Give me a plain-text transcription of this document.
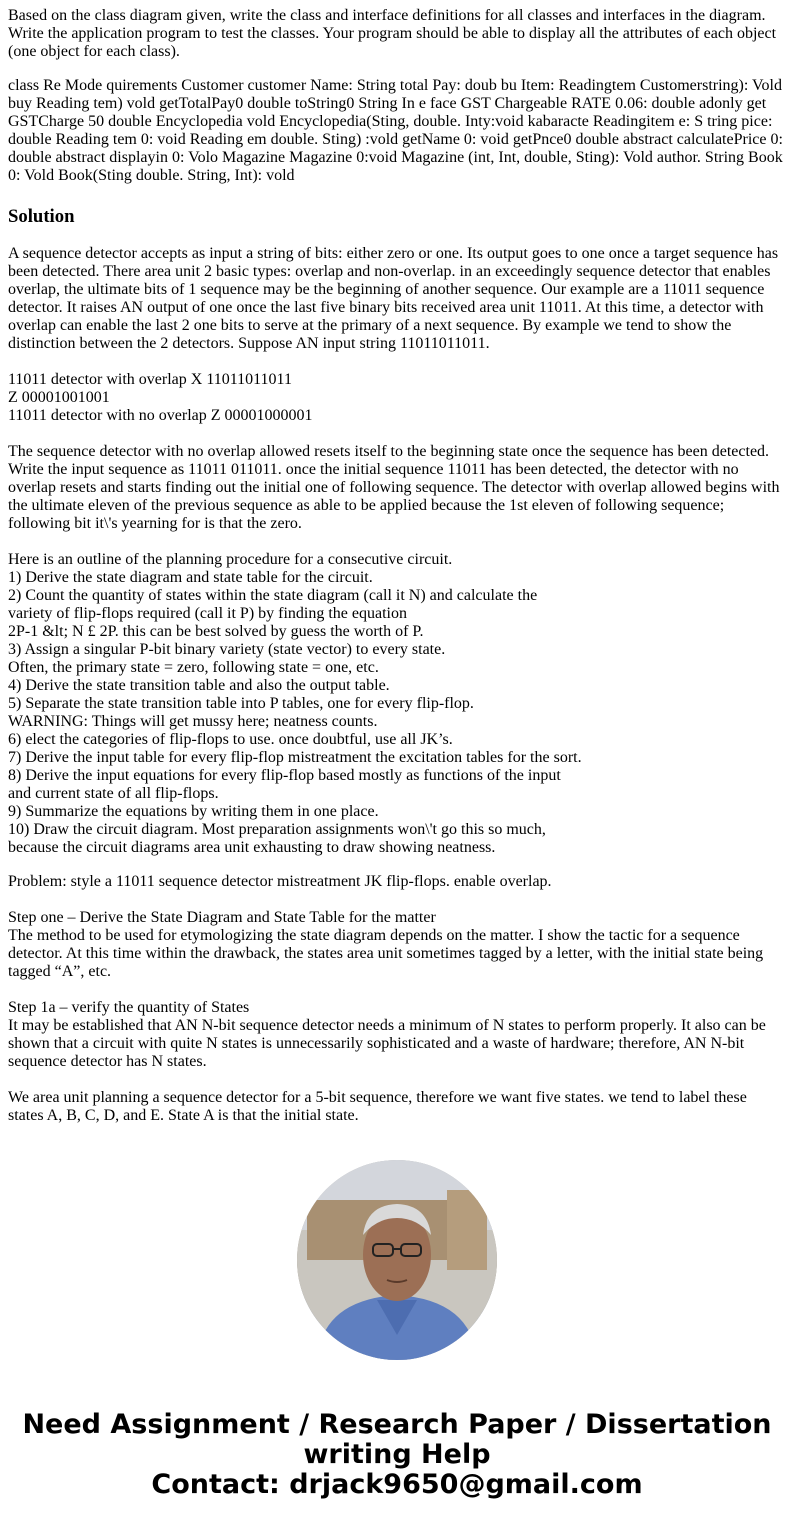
Based on the class diagram given, write the class and interface definitions for all classes and interfaces in the diagram. Write the application program to test the classes. Your program should be able to display all the attributes of each object (one object for each class).

class Re Mode quirements Customer customer Name: String total Pay: doub bu Item: Readingtem Customerstring): Vold buy Reading tem) vold getTotalPay0 double toString0 String In e face GST Chargeable RATE 0.06: double adonly get GSTCharge 50 double Encyclopedia vold Encyclopedia(Sting, double. Inty:void kabaracte Readingitem e: S tring pice: double Reading tem 0: void Reading em double. Sting) :vold getName 0: void getPnce0 double abstract calculatePrice 0: double abstract displayin 0: Volo Magazine Magazine 0:void Magazine (int, Int, double, Sting): Vold author. String Book 0: Vold Book(Sting double. String, Int): vold

Solution
A sequence detector accepts as input a string of bits: either zero or one. Its output goes to one once a target sequence has been detected. There area unit 2 basic types: overlap and non-overlap. in an exceedingly sequence detector that enables overlap, the ultimate bits of 1 sequence may be the beginning of another sequence. Our example are a 11011 sequence detector. It raises AN output of one once the last five binary bits received area unit 11011. At this time, a detector with overlap can enable the last 2 one bits to serve at the primary of a next sequence. By example we tend to show the distinction between the 2 detectors. Suppose AN input string 11011011011.
11011 detector with overlap X 11011011011
Z 00001001001
11011 detector with no overlap Z 00001000001
The sequence detector with no overlap allowed resets itself to the beginning state once the sequence has been detected. Write the input sequence as 11011 011011. once the initial sequence 11011 has been detected, the detector with no overlap resets and starts finding out the initial one of following sequence. The detector with overlap allowed begins with the ultimate eleven of the previous sequence as able to be applied because the 1st eleven of following sequence; following bit it\'s yearning for is that the zero.
Here is an outline of the planning procedure for a consecutive circuit.
1) Derive the state diagram and state table for the circuit.
2) Count the quantity of states within the state diagram (call it N) and calculate the
variety of flip-flops required (call it P) by finding the equation
2P-1 &lt; N £ 2P. this can be best solved by guess the worth of P.
3) Assign a singular P-bit binary variety (state vector) to every state.
Often, the primary state = zero, following state = one, etc.
4) Derive the state transition table and also the output table.
5) Separate the state transition table into P tables, one for every flip-flop.
WARNING: Things will get mussy here; neatness counts.
6) elect the categories of flip-flops to use. once doubtful, use all JK’s.
7) Derive the input table for every flip-flop mistreatment the excitation tables for the sort.
8) Derive the input equations for every flip-flop based mostly as functions of the input
and current state of all flip-flops.
9) Summarize the equations by writing them in one place.
10) Draw the circuit diagram. Most preparation assignments won\'t go this so much,
because the circuit diagrams area unit exhausting to draw showing neatness.

Problem: style a 11011 sequence detector mistreatment JK flip-flops. enable overlap.
Step one – Derive the State Diagram and State Table for the matter
The method to be used for etymologizing the state diagram depends on the matter. I show the tactic for a sequence detector. At this time within the drawback, the states area unit sometimes tagged by a letter, with the initial state being tagged “A”, etc.
Step 1a – verify the quantity of States
It may be established that AN N-bit sequence detector needs a minimum of N states to perform properly. It also can be shown that a circuit with quite N states is unnecessarily sophisticated and a waste of hardware; therefore, AN N-bit sequence detector has N states.
We area unit planning a sequence detector for a 5-bit sequence, therefore we want five states. we tend to label these states A, B, C, D, and E. State A is that the initial state.

Need Assignment / Research Paper / Dissertation
writing Help
Contact: drjack9650@gmail.com
